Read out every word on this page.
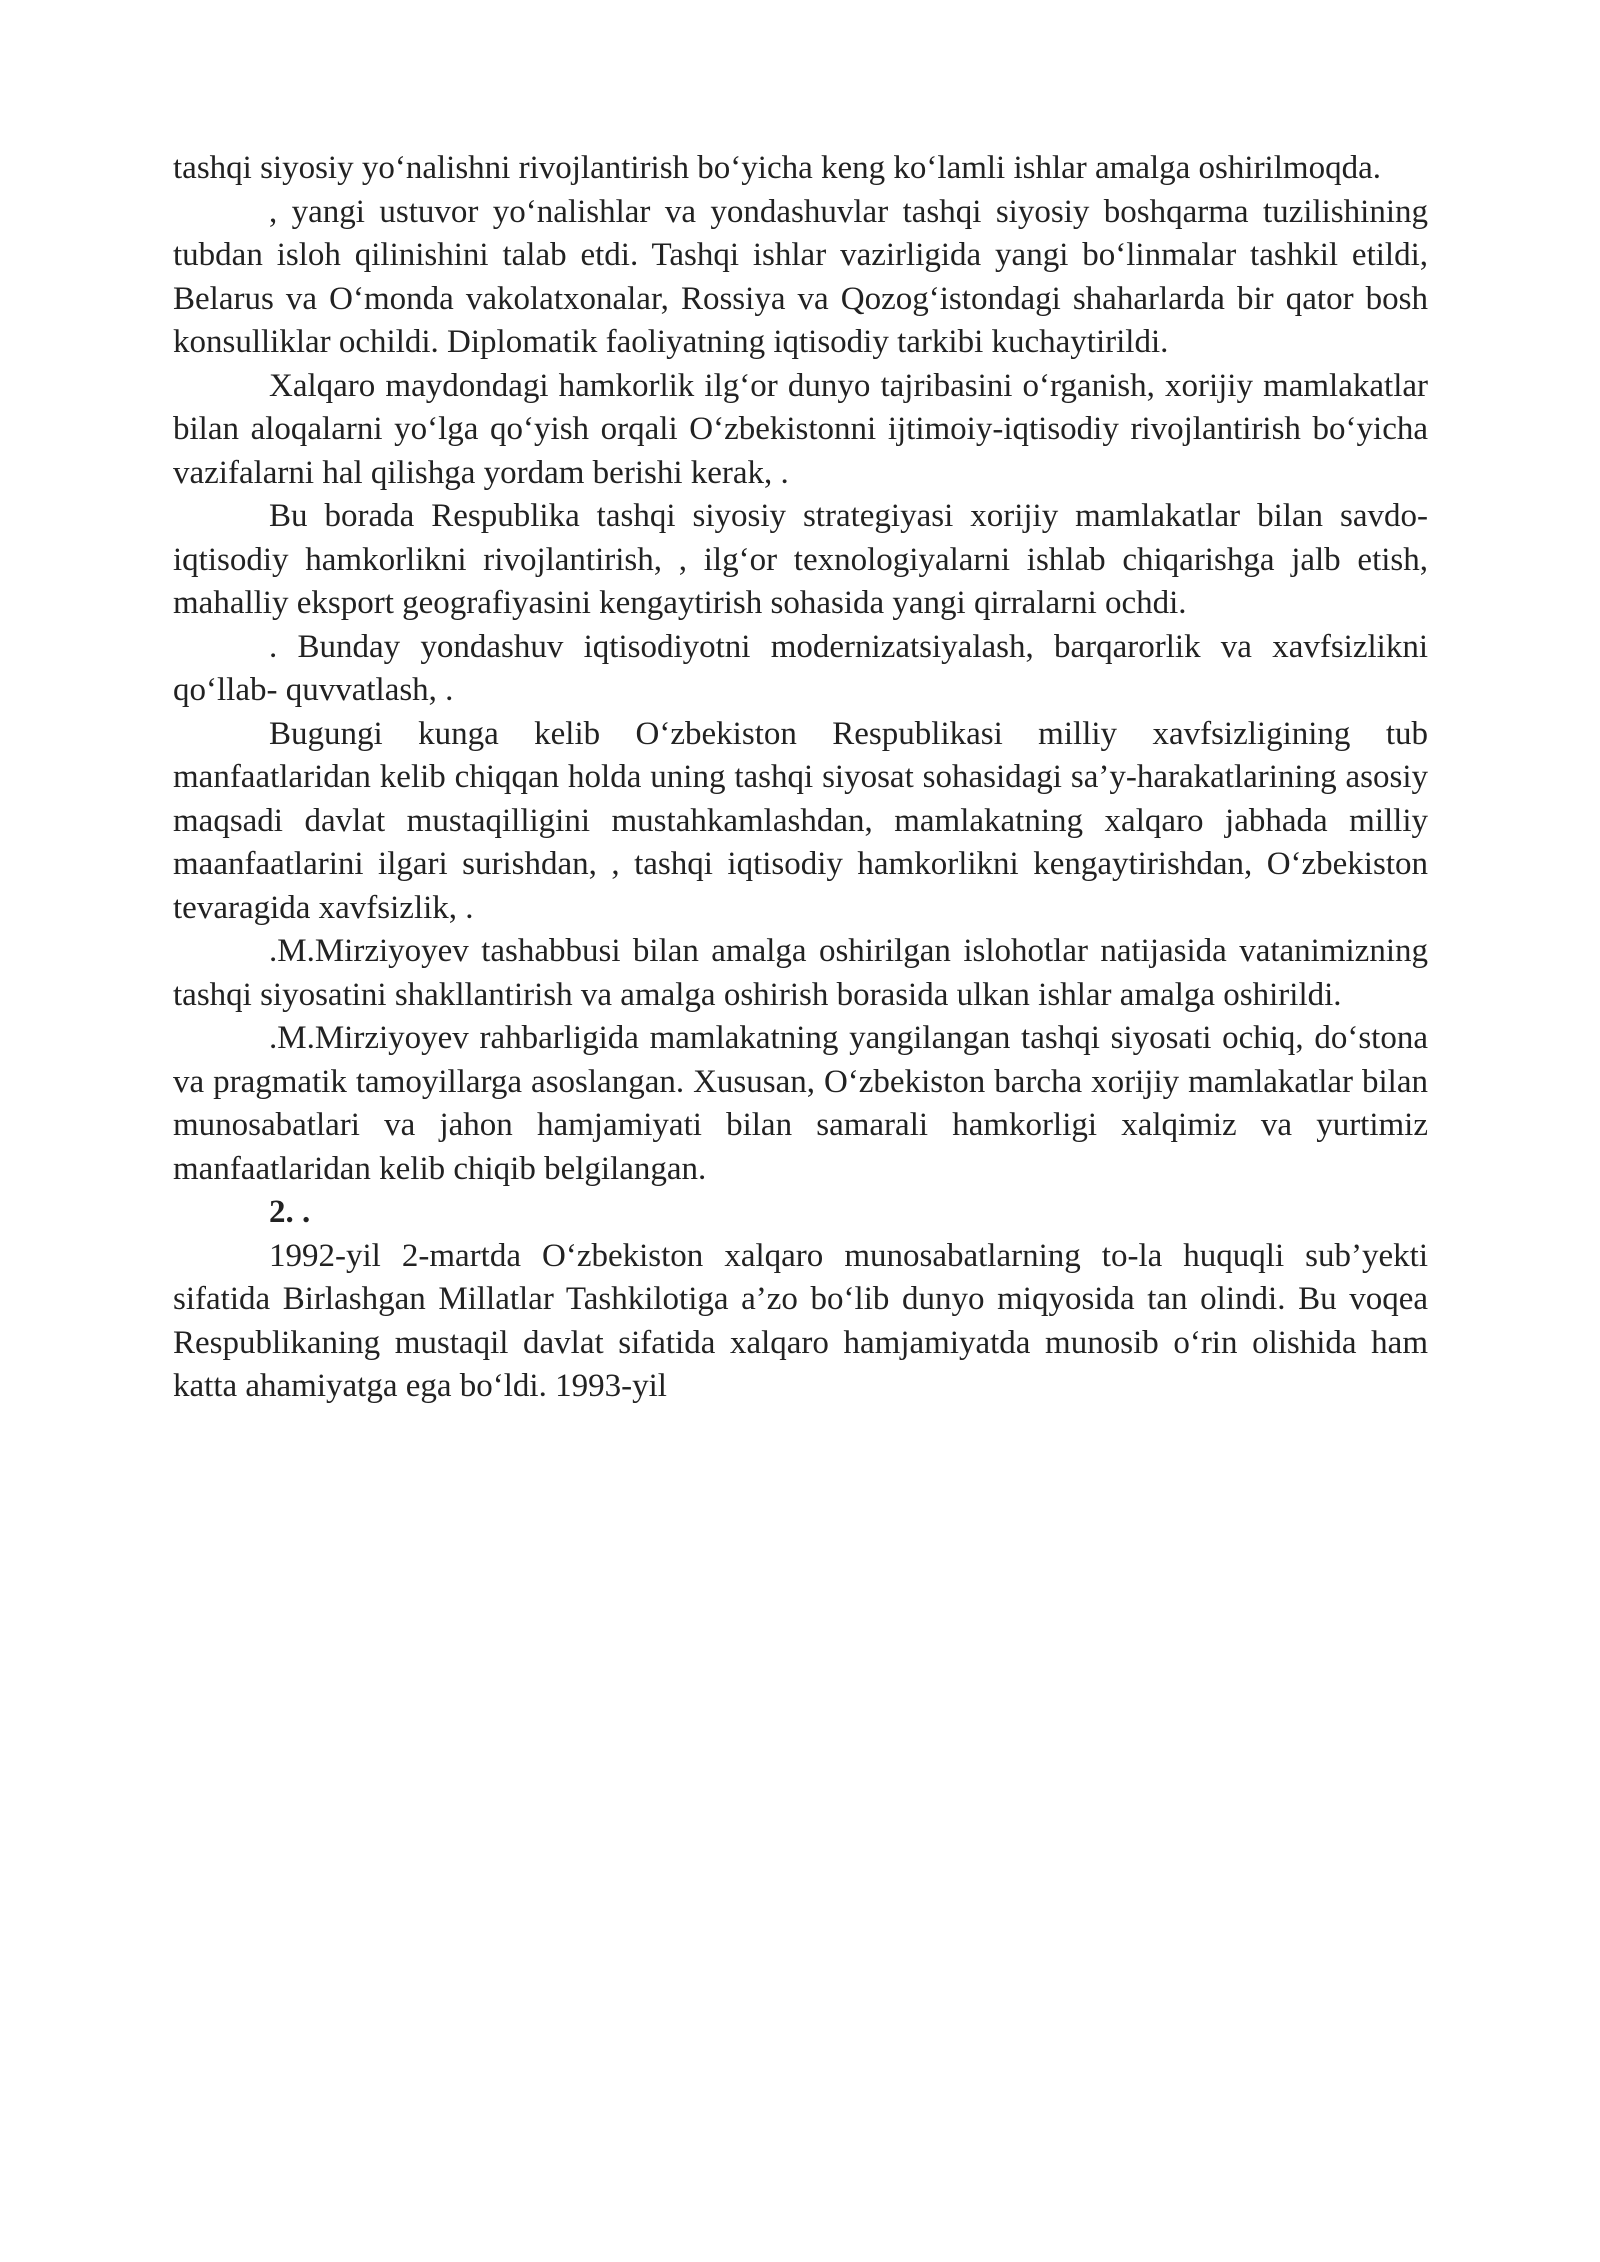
tashqi siyosiy yo‘nalishni rivojlantirish bo‘yicha keng ko‘lamli ishlar amalga oshirilmoqda.

, yangi ustuvor yo‘nalishlar va yondashuvlar tashqi siyosiy boshqarma tuzilishining tubdan isloh qilinishini talab etdi. Tashqi ishlar vazirligida yangi bo‘linmalar tashkil etildi, Belarus va O‘monda vakolatxonalar, Rossiya va Qozog‘istondagi shaharlarda bir qator bosh konsulliklar ochildi. Diplomatik faoliyatning iqtisodiy tarkibi kuchaytirildi.

Xalqaro maydondagi hamkorlik ilg‘or dunyo tajribasini o‘rganish, xorijiy mamlakatlar bilan aloqalarni yo‘lga qo‘yish orqali O‘zbekistonni ijtimoiy-iqtisodiy rivojlantirish bo‘yicha vazifalarni hal qilishga yordam berishi kerak, .

Bu borada Respublika tashqi siyosiy strategiyasi xorijiy mamlakatlar bilan savdo-iqtisodiy hamkorlikni rivojlantirish, , ilg‘or texnologiyalarni ishlab chiqarishga jalb etish, mahalliy eksport geografiyasini kengaytirish sohasida yangi qirralarni ochdi.

. Bunday yondashuv iqtisodiyotni modernizatsiyalash, barqarorlik va xavfsizlikni qo‘llab- quvvatlash, .

Bugungi kunga kelib O‘zbekiston Respublikasi milliy xavfsizligining tub manfaatlaridan kelib chiqqan holda uning tashqi siyosat sohasidagi sa’y-harakatlarining asosiy maqsadi davlat mustaqilligini mustahkamlashdan, mamlakatning xalqaro jabhada milliy maanfaatlarini ilgari surishdan, , tashqi iqtisodiy hamkorlikni kengaytirishdan, O‘zbekiston tevaragida xavfsizlik, .

.M.Mirziyoyev tashabbusi bilan amalga oshirilgan islohotlar natijasida vatanimizning tashqi siyosatini shakllantirish va amalga oshirish borasida ulkan ishlar amalga oshirildi.

.M.Mirziyoyev rahbarligida mamlakatning yangilangan tashqi siyosati ochiq, do‘stona va pragmatik tamoyillarga asoslangan. Xususan, O‘zbekiston barcha xorijiy mamlakatlar bilan munosabatlari va jahon hamjamiyati bilan samarali hamkorligi xalqimiz va yurtimiz manfaatlaridan kelib chiqib belgilangan.

2. .

1992-yil 2-martda O‘zbekiston xalqaro munosabatlarning to-la huquqli sub’yekti sifatida Birlashgan Millatlar Tashkilotiga a’zo bo‘lib dunyo miqyosida tan olindi. Bu voqea Respublikaning mustaqil davlat sifatida xalqaro hamjamiyatda munosib o‘rin olishida ham katta ahamiyatga ega bo‘ldi. 1993-yil
